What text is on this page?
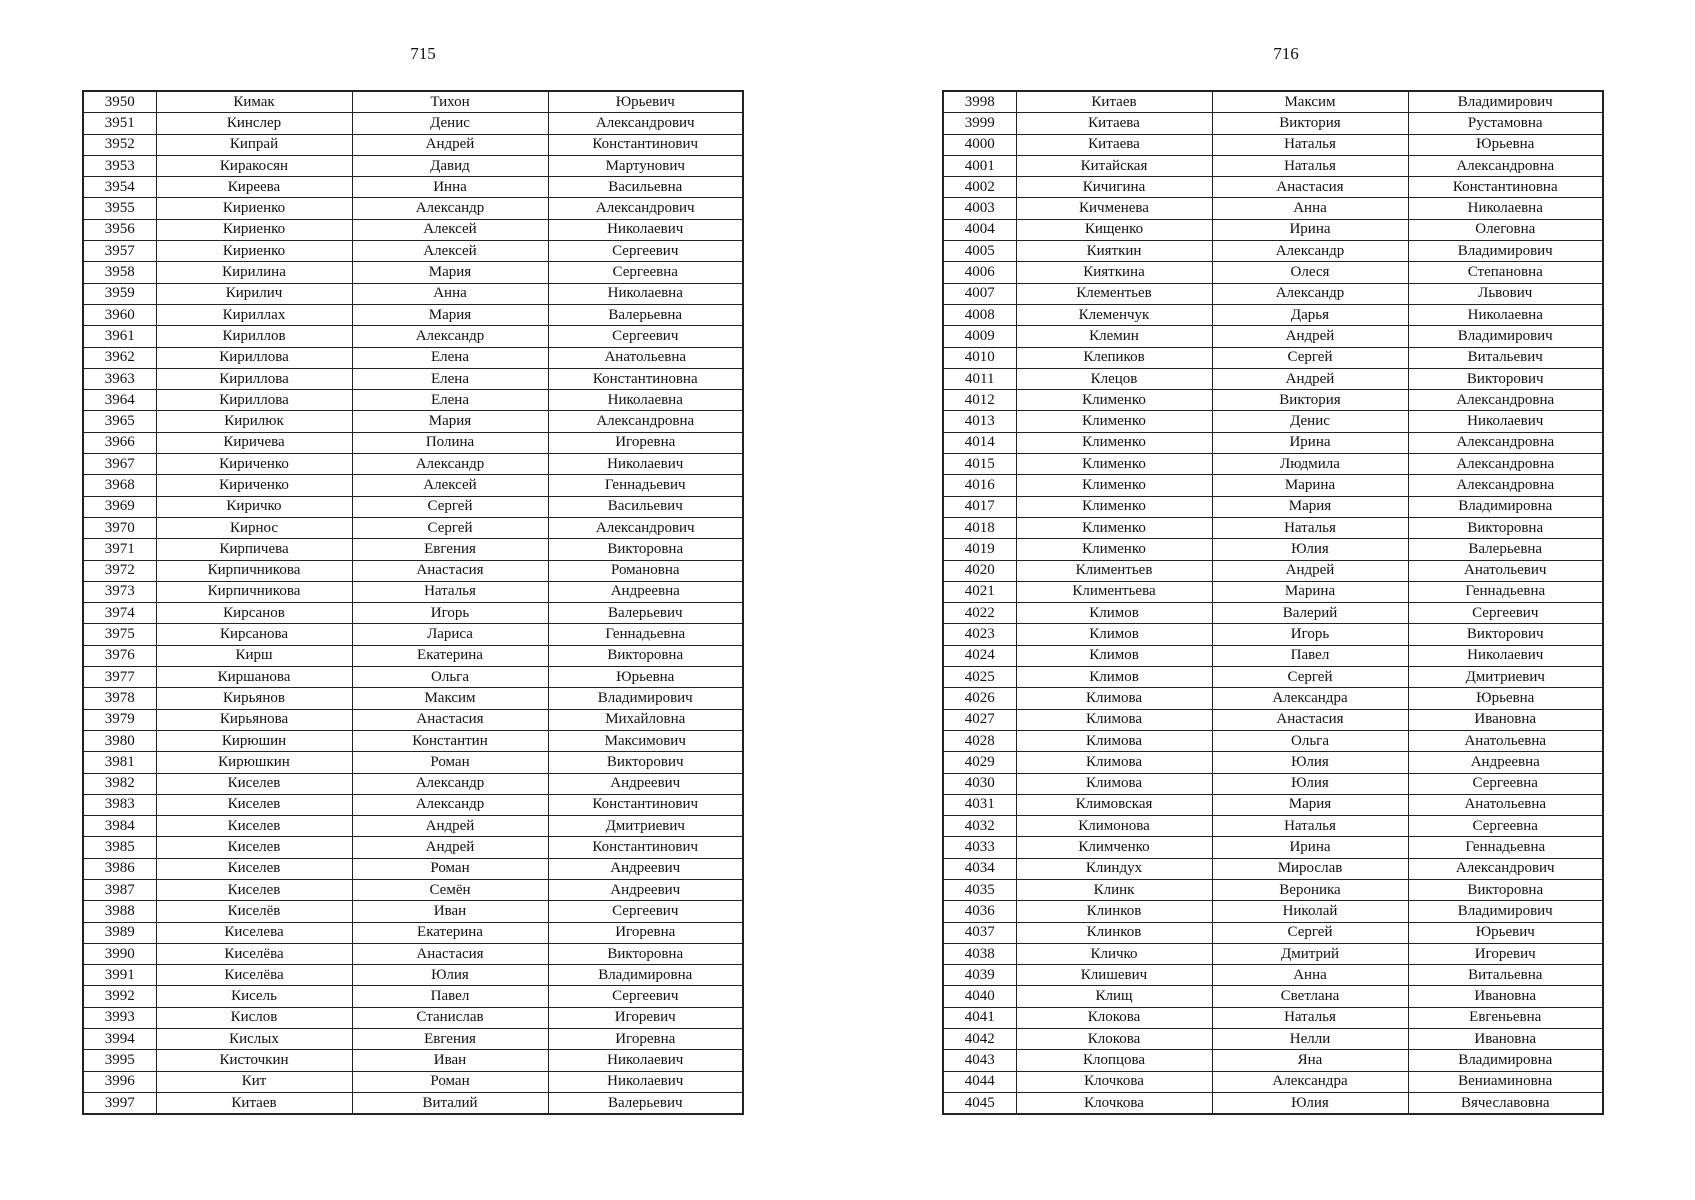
715	716
3950	Кимак	Тихон	Юрьевич
3951	Кинслер	Денис	Александрович
3952	Кипрай	Андрей	Константинович
3953	Киракосян	Давид	Мартунович
3954	Киреева	Инна	Васильевна
3955	Кириенко	Александр	Александрович
3956	Кириенко	Алексей	Николаевич
3957	Кириенко	Алексей	Сергеевич
3958	Кирилина	Мария	Сергеевна
3959	Кирилич	Анна	Николаевна
3960	Кириллах	Мария	Валерьевна
3961	Кириллов	Александр	Сергеевич
3962	Кириллова	Елена	Анатольевна
3963	Кириллова	Елена	Константиновна
3964	Кириллова	Елена	Николаевна
3965	Кирилюк	Мария	Александровна
3966	Киричева	Полина	Игоревна
3967	Кириченко	Александр	Николаевич
3968	Кириченко	Алексей	Геннадьевич
3969	Киричко	Сергей	Васильевич
3970	Кирнос	Сергей	Александрович
3971	Кирпичева	Евгения	Викторовна
3972	Кирпичникова	Анастасия	Романовна
3973	Кирпичникова	Наталья	Андреевна
3974	Кирсанов	Игорь	Валерьевич
3975	Кирсанова	Лариса	Геннадьевна
3976	Кирш	Екатерина	Викторовна
3977	Киршанова	Ольга	Юрьевна
3978	Кирьянов	Максим	Владимирович
3979	Кирьянова	Анастасия	Михайловна
3980	Кирюшин	Константин	Максимович
3981	Кирюшкин	Роман	Викторович
3982	Киселев	Александр	Андреевич
3983	Киселев	Александр	Константинович
3984	Киселев	Андрей	Дмитриевич
3985	Киселев	Андрей	Константинович
3986	Киселев	Роман	Андреевич
3987	Киселев	Семён	Андреевич
3988	Киселёв	Иван	Сергеевич
3989	Киселева	Екатерина	Игоревна
3990	Киселёва	Анастасия	Викторовна
3991	Киселёва	Юлия	Владимировна
3992	Кисель	Павел	Сергеевич
3993	Кислов	Станислав	Игоревич
3994	Кислых	Евгения	Игоревна
3995	Кисточкин	Иван	Николаевич
3996	Кит	Роман	Николаевич
3997	Китаев	Виталий	Валерьевич
3998	Китаев	Максим	Владимирович
3999	Китаева	Виктория	Рустамовна
4000	Китаева	Наталья	Юрьевна
4001	Китайская	Наталья	Александровна
4002	Кичигина	Анастасия	Константиновна
4003	Кичменева	Анна	Николаевна
4004	Кищенко	Ирина	Олеговна
4005	Кияткин	Александр	Владимирович
4006	Кияткина	Олеся	Степановна
4007	Клементьев	Александр	Львович
4008	Клеменчук	Дарья	Николаевна
4009	Клемин	Андрей	Владимирович
4010	Клепиков	Сергей	Витальевич
4011	Клецов	Андрей	Викторович
4012	Клименко	Виктория	Александровна
4013	Клименко	Денис	Николаевич
4014	Клименко	Ирина	Александровна
4015	Клименко	Людмила	Александровна
4016	Клименко	Марина	Александровна
4017	Клименко	Мария	Владимировна
4018	Клименко	Наталья	Викторовна
4019	Клименко	Юлия	Валерьевна
4020	Климентьев	Андрей	Анатольевич
4021	Климентьева	Марина	Геннадьевна
4022	Климов	Валерий	Сергеевич
4023	Климов	Игорь	Викторович
4024	Климов	Павел	Николаевич
4025	Климов	Сергей	Дмитриевич
4026	Климова	Александра	Юрьевна
4027	Климова	Анастасия	Ивановна
4028	Климова	Ольга	Анатольевна
4029	Климова	Юлия	Андреевна
4030	Климова	Юлия	Сергеевна
4031	Климовская	Мария	Анатольевна
4032	Климонова	Наталья	Сергеевна
4033	Климченко	Ирина	Геннадьевна
4034	Клиндух	Мирослав	Александрович
4035	Клинк	Вероника	Викторовна
4036	Клинков	Николай	Владимирович
4037	Клинков	Сергей	Юрьевич
4038	Кличко	Дмитрий	Игоревич
4039	Клишевич	Анна	Витальевна
4040	Клищ	Светлана	Ивановна
4041	Клокова	Наталья	Евгеньевна
4042	Клокова	Нелли	Ивановна
4043	Клопцова	Яна	Владимировна
4044	Клочкова	Александра	Вениаминовна
4045	Клочкова	Юлия	Вячеславовна
